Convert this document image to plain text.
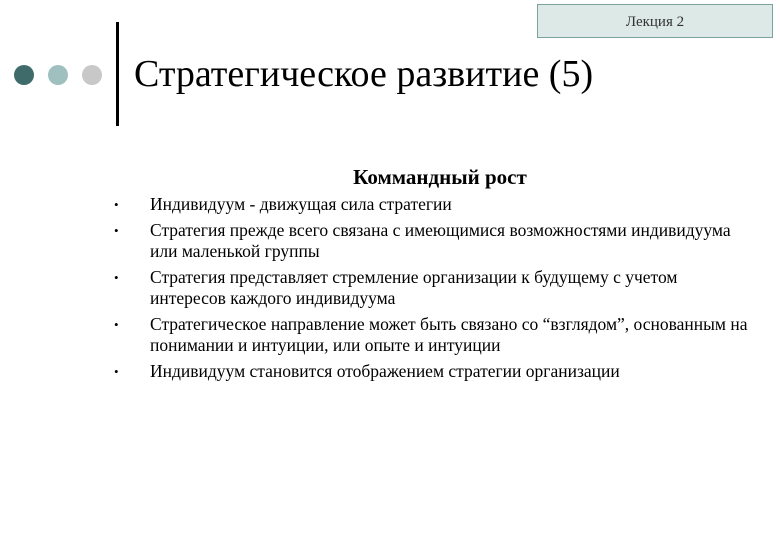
Лекция 2
Стратегическое развитие (5)
Коммандный рост
• Индивидуум - движущая сила стратегии
• Стратегия прежде всего связана с имеющимися возможностями индивидуума или маленькой группы
• Стратегия представляет стремление организации к будущему с учетом интересов каждого индивидуума
• Стратегическое направление может быть связано со “взглядом”, основанным на понимании и интуиции, или опыте и интуиции
• Индивидуум становится отображением стратегии организации
